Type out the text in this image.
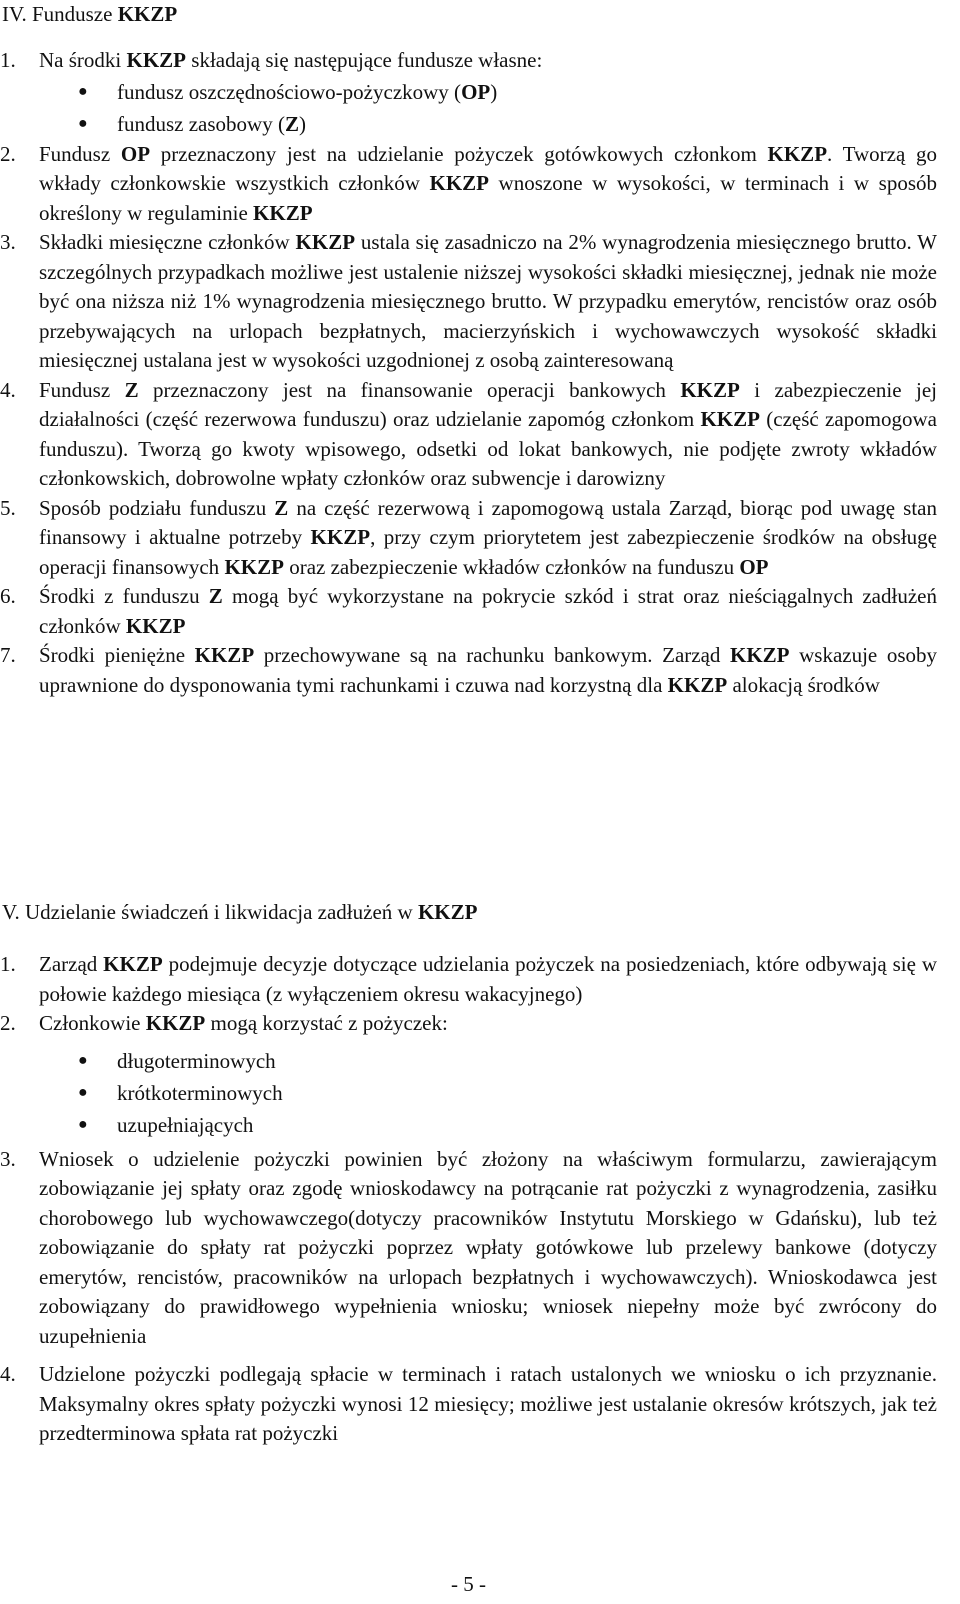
IV. Fundusze KKZP
1. Na środki KKZP składają się następujące fundusze własne:
● fundusz oszczędnościowo-pożyczkowy (OP)
● fundusz zasobowy (Z)
2. Fundusz OP przeznaczony jest na udzielanie pożyczek gotówkowych członkom KKZP. Tworzą go wkłady członkowskie wszystkich członków KKZP wnoszone w wysokości, w terminach i w sposób określony w regulaminie KKZP
3. Składki miesięczne członków KKZP ustala się zasadniczo na 2% wynagrodzenia miesięcznego brutto. W szczególnych przypadkach możliwe jest ustalenie niższej wysokości składki miesięcznej, jednak nie może być ona niższa niż 1% wynagrodzenia miesięcznego brutto. W przypadku emerytów, rencistów oraz osób przebywających na urlopach bezpłatnych, macierzyńskich i wychowawczych wysokość składki miesięcznej ustalana jest w wysokości uzgodnionej z osobą zainteresowaną
4. Fundusz Z przeznaczony jest na finansowanie operacji bankowych KKZP i zabezpieczenie jej działalności (część rezerwowa funduszu) oraz udzielanie zapomóg członkom KKZP (część zapomogowa funduszu). Tworzą go kwoty wpisowego, odsetki od lokat bankowych, nie podjęte zwroty wkładów członkowskich, dobrowolne wpłaty członków oraz subwencje i darowizny
5. Sposób podziału funduszu Z na część rezerwową i zapomogową ustala Zarząd, biorąc pod uwagę stan finansowy i aktualne potrzeby KKZP, przy czym priorytetem jest zabezpieczenie środków na obsługę operacji finansowych KKZP oraz zabezpieczenie wkładów członków na funduszu OP
6. Środki z funduszu Z mogą być wykorzystane na pokrycie szkód i strat oraz nieściągalnych zadłużeń członków KKZP
7. Środki pieniężne KKZP przechowywane są na rachunku bankowym. Zarząd KKZP wskazuje osoby uprawnione do dysponowania tymi rachunkami i czuwa nad korzystną dla KKZP alokacją środków
V. Udzielanie świadczeń i likwidacja zadłużeń w KKZP
1. Zarząd KKZP podejmuje decyzje dotyczące udzielania pożyczek na posiedzeniach, które odbywają się w połowie każdego miesiąca (z wyłączeniem okresu wakacyjnego)
2. Członkowie KKZP mogą korzystać z pożyczek:
● długoterminowych
● krótkoterminowych
● uzupełniających
3. Wniosek o udzielenie pożyczki powinien być złożony na właściwym formularzu, zawierającym zobowiązanie jej spłaty oraz zgodę wnioskodawcy na potrącanie rat pożyczki z wynagrodzenia, zasiłku chorobowego lub wychowawczego(dotyczy pracowników Instytutu Morskiego w Gdańsku), lub też zobowiązanie do spłaty rat pożyczki poprzez wpłaty gotówkowe lub przelewy bankowe (dotyczy emerytów, rencistów, pracowników na urlopach bezpłatnych i wychowawczych). Wnioskodawca jest zobowiązany do prawidłowego wypełnienia wniosku; wniosek niepełny może być zwrócony do uzupełnienia
4. Udzielone pożyczki podlegają spłacie w terminach i ratach ustalonych we wniosku o ich przyznanie. Maksymalny okres spłaty pożyczki wynosi 12 miesięcy; możliwe jest ustalanie okresów krótszych, jak też przedterminowa spłata rat pożyczki

- 5 -
